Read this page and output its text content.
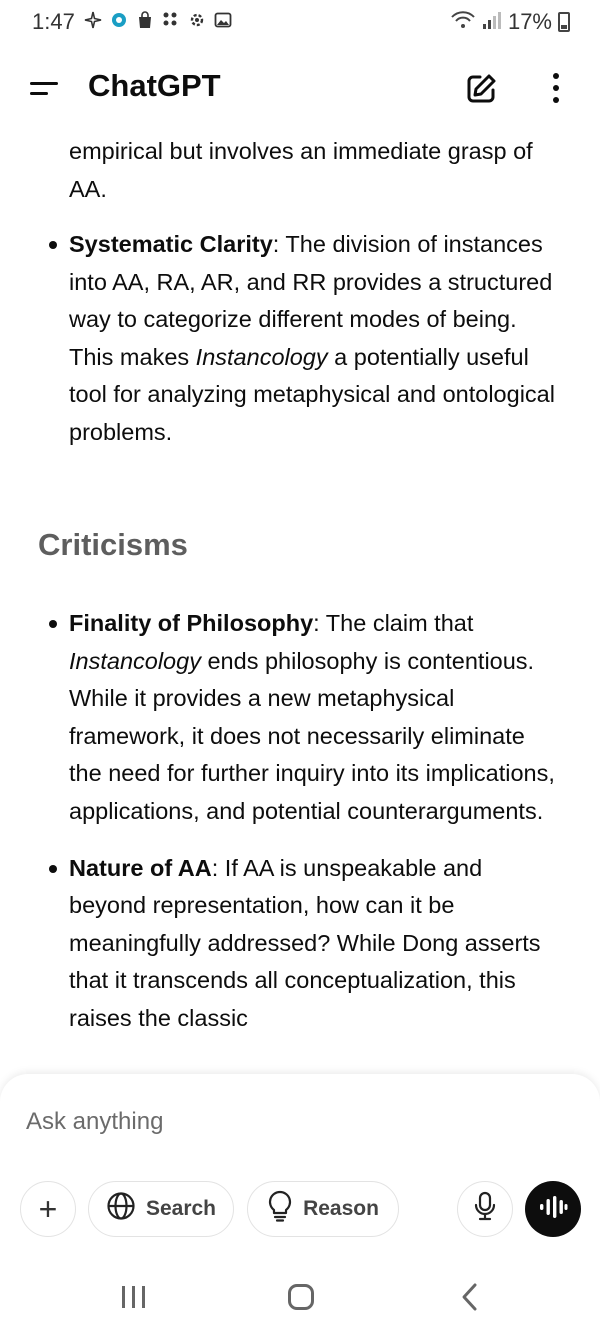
1:47	17%
ChatGPT
empirical but involves an immediate grasp of AA.
Systematic Clarity: The division of instances into AA, RA, AR, and RR provides a structured way to categorize different modes of being. This makes Instancology a potentially useful tool for analyzing metaphysical and ontological problems.
Criticisms
Finality of Philosophy: The claim that Instancology ends philosophy is contentious. While it provides a new metaphysical framework, it does not necessarily eliminate the need for further inquiry into its implications, applications, and potential counterarguments.
Nature of AA: If AA is unspeakable and beyond representation, how can it be meaningfully addressed? While Dong asserts that it transcends all conceptualization, this raises the classic
Ask anything
+	Search	Reason
